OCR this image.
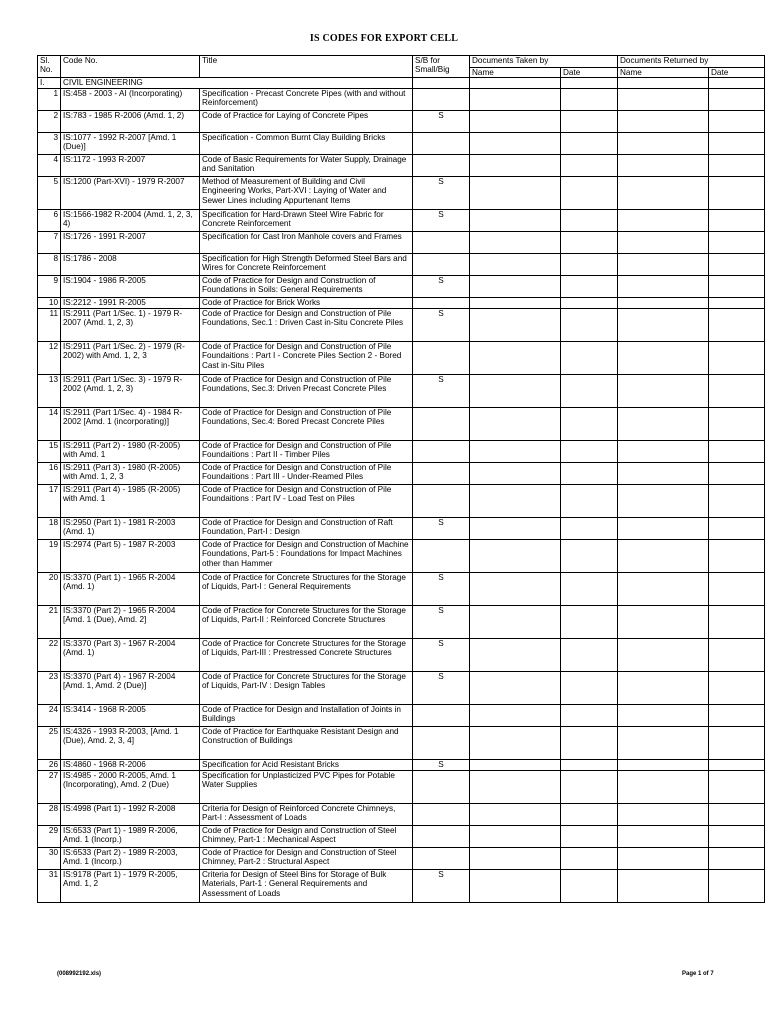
IS CODES FOR EXPORT CELL
Sl. No.	Code No.	Title	S/B for Small/Big	Documents Taken by		Documents Returned by	
				Name	Date	Name	Date
I.	CIVIL ENGINEERING						
1	IS:458 - 2003 - AI (Incorporating)	Specification - Precast Concrete Pipes (with and without Reinforcement)					
2	IS:783 - 1985 R-2006 (Amd. 1, 2)	Code of Practice for Laying of Concrete Pipes	S				
3	IS:1077 - 1992 R-2007 [Amd. 1 (Due)]	Specification - Common Burnt Clay Building Bricks					
4	IS:1172 - 1993 R-2007	Code of Basic Requirements for Water Supply, Drainage and Sanitation					
5	IS:1200 (Part-XVI) - 1979 R-2007	Method of Measurement of Building and Civil Engineering Works, Part-XVI : Laying of Water and Sewer Lines including Appurtenant Items	S				
6	IS:1566-1982 R-2004 (Amd. 1, 2, 3, 4)	Specification for Hard-Drawn Steel Wire Fabric for Concrete Reinforcement	S				
7	IS:1726 - 1991 R-2007	Specification for Cast Iron Manhole covers and Frames					
8	IS:1786 - 2008	Specification for High Strength Deformed Steel Bars and Wires for Concrete Reinforcement					
9	IS:1904 - 1986 R-2005	Code of Practice for Design and Construction of Foundations in Soils: General Requirements	S				
10	IS:2212 - 1991 R-2005	Code of Practice for Brick Works					
11	IS:2911 (Part 1/Sec. 1) - 1979 R-2007 (Amd. 1, 2, 3)	Code of Practice for Design and Construction of Pile Foundations, Sec.1 : Driven Cast in-Situ Concrete Piles	S				
12	IS:2911 (Part 1/Sec. 2) - 1979 (R-2002) with Amd. 1, 2, 3	Code of Practice for Design and Construction of Pile Foundaitions : Part I - Concrete Piles Section 2 - Bored Cast in-Situ Piles					
13	IS:2911 (Part 1/Sec. 3) - 1979 R-2002 (Amd. 1, 2, 3)	Code of Practice for Design and Construction of Pile Foundations, Sec.3: Driven Precast Concrete Piles	S				
14	IS:2911 (Part 1/Sec. 4) - 1984 R-2002 [Amd. 1 (incorporating)]	Code of Practice for Design and Construction of Pile Foundations, Sec.4: Bored Precast Concrete Piles					
15	IS:2911 (Part 2) - 1980 (R-2005) with Amd. 1	Code of Practice for Design and Construction of Pile Foundaitions : Part II - Timber Piles					
16	IS:2911 (Part 3) - 1980 (R-2005) with Amd. 1, 2, 3	Code of Practice for Design and Construction of Pile Foundaitions : Part III - Under-Reamed Piles					
17	IS:2911 (Part 4) - 1985 (R-2005) with Amd. 1	Code of Practice for Design and Construction of Pile Foundaitions : Part IV - Load Test on Piles					
18	IS:2950 (Part 1) - 1981 R-2003 (Amd. 1)	Code of Practice for Design and Construction of Raft Foundation, Part-I : Design	S				
19	IS:2974 (Part 5) - 1987 R-2003	Code of Practice for Design and Construction of Machine Foundations, Part-5 : Foundations for Impact Machines other than Hammer					
20	IS:3370 (Part 1) - 1965 R-2004 (Amd. 1)	Code of Practice for Concrete Structures for the Storage of Liquids, Part-I : General Requirements	S				
21	IS:3370 (Part 2) - 1965 R-2004 [Amd. 1 (Due), Amd. 2]	Code of Practice for Concrete Structures for the Storage of Liquids, Part-II : Reinforced Concrete Structures	S				
22	IS:3370 (Part 3) - 1967 R-2004 (Amd. 1)	Code of Practice for Concrete Structures for the Storage of Liquids, Part-III : Prestressed Concrete Structures	S				
23	IS:3370 (Part 4) - 1967 R-2004 [Amd. 1, Amd. 2 (Due)]	Code of Practice for Concrete Structures for the Storage of Liquids, Part-IV : Design Tables	S				
24	IS:3414 - 1968 R-2005	Code of Practice for Design and Installation of Joints in Buildings					
25	IS:4326 - 1993 R-2003, [Amd. 1 (Due), Amd. 2, 3, 4]	Code of Practice for Earthquake Resistant Design and Construction of Buildings					
26	IS:4860 - 1968 R-2006	Specification for Acid Resistant Bricks	S				
27	IS:4985 - 2000 R-2005, Amd. 1 (Incorporating), Amd. 2 (Due)	Specification for Unplasticized PVC Pipes for Potable Water Supplies					
28	IS:4998 (Part 1) - 1992 R-2008	Criteria for Design of Reinforced Concrete Chimneys, Part-I : Assessment of Loads					
29	IS:6533 (Part 1) - 1989 R-2006, Amd. 1 (Incorp.)	Code of Practice for Design and Construction of Steel Chimney, Part-1 : Mechanical Aspect					
30	IS:6533 (Part 2) - 1989 R-2003, Amd. 1 (Incorp.)	Code of Practice for Design and Construction of Steel Chimney, Part-2 : Structural Aspect					
31	IS:9178 (Part 1) - 1979 R-2005, Amd. 1, 2	Criteria for Design of Steel Bins for Storage of Bulk Materials, Part-1 : General Requirements and Assessment of Loads	S				
(008992192.xls)	Page 1 of 7
